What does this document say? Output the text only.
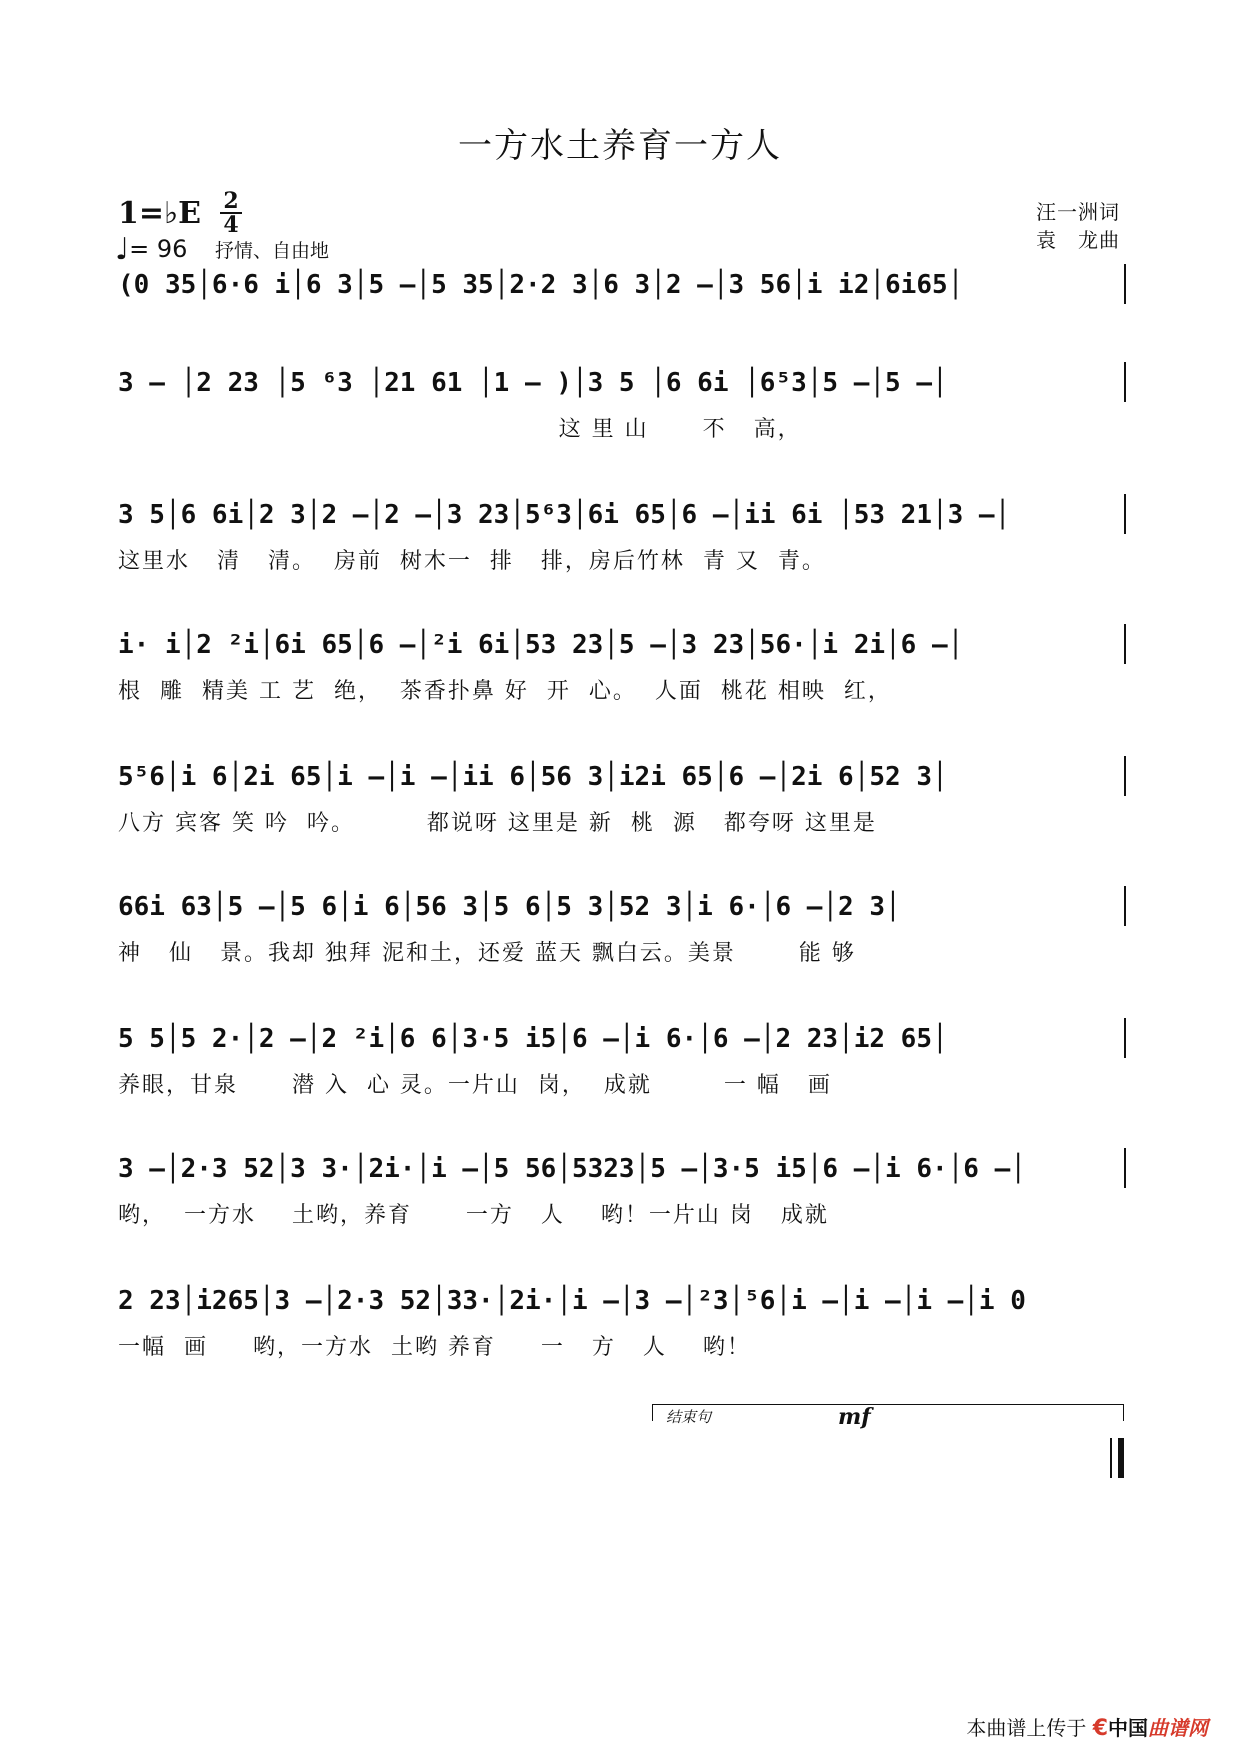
一方水土养育一方人
1=♭E 2
4
♩= 96 抒情、自由地
汪一洲词
袁　龙曲
(0 35│6·6 i│6 3│5 –│5 35│2·2 3│6 3│2 –│3 56│i i2│6i65│
3 – │2 23 │5 ⁶3 │21 61 │1 – )│3 5 │6 6i │6⁵3│5 –│5 –│
这 里 山      不   高，
3 5│6 6i│2 3│2 –│2 –│3 23│5⁶3│6i 65│6 –│ii 6i │53 21│3 –│
这里水   清   清。  房前  树木一  排   排，房后竹林  青 又  青。
i· i│2 ²i│6i 65│6 –│²i 6i│53 23│5 –│3 23│56·│i 2i│6 –│
根  雕  精美 工 艺  绝，  茶香扑鼻 好  开  心。  人面  桃花 相映  红，
5⁵6│i 6│2i 65│i –│i –│ii 6│56 3│i2i 65│6 –│2i 6│52 3│
八方 宾客 笑 吟  吟。        都说呀 这里是 新  桃  源   都夸呀 这里是
66i 63│5 –│5 6│i 6│56 3│5 6│5 3│52 3│i 6·│6 –│2 3│
神   仙   景。我却 独拜 泥和土，还爱 蓝天 飘白云。美景       能 够
5 5│5 2·│2 –│2 ²i│6 6│3·5 i5│6 –│i 6·│6 –│2 23│i2 65│
养眼，甘泉      潜 入  心 灵。一片山  岗，  成就        一 幅   画
3 –│2·3 52│3 3·│2i·│i –│5 56│5323│5 –│3·5 i5│6 –│i 6·│6 –│
哟，  一方水    土哟，养育      一方   人    哟！一片山 岗   成就
2 23│i265│3 –│2·3 52│33·│2i·│i –│3 –│²3│⁵6│i –│i –│i –│i 0
一幅  画     哟，一方水  土哟 养育     一   方   人    哟！
结束句	mf
本曲谱上传于 €中国曲谱网
